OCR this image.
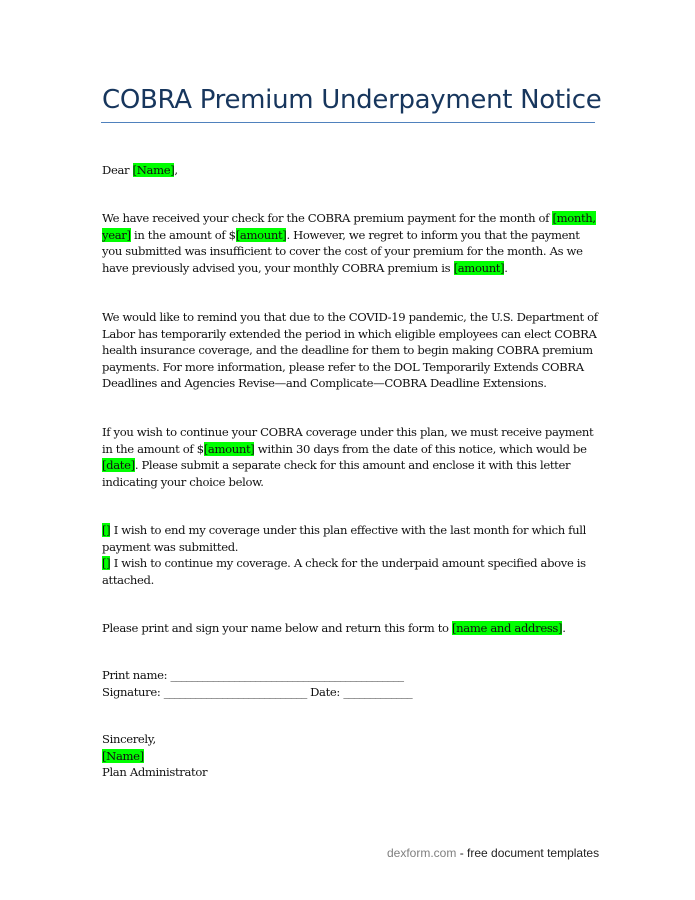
COBRA Premium Underpayment Notice

Dear [Name],

We have received your check for the COBRA premium payment for the month of [month, year] in the amount of $[amount]. However, we regret to inform you that the payment you submitted was insufficient to cover the cost of your premium for the month. As we have previously advised you, your monthly COBRA premium is [amount].

We would like to remind you that due to the COVID-19 pandemic, the U.S. Department of Labor has temporarily extended the period in which eligible employees can elect COBRA health insurance coverage, and the deadline for them to begin making COBRA premium payments. For more information, please refer to the DOL Temporarily Extends COBRA Deadlines and Agencies Revise—and Complicate—COBRA Deadline Extensions.

If you wish to continue your COBRA coverage under this plan, we must receive payment in the amount of $[amount] within 30 days from the date of this notice, which would be [date]. Please submit a separate check for this amount and enclose it with this letter indicating your choice below.

[] I wish to end my coverage under this plan effective with the last month for which full payment was submitted.

[] I wish to continue my coverage. A check for the underpaid amount specified above is attached.

Please print and sign your name below and return this form to [name and address].

Print name: ____________________________________________

Signature: ___________________________ Date: _____________

Sincerely,

[Name]

Plan Administrator

dexform.com - free document templates
